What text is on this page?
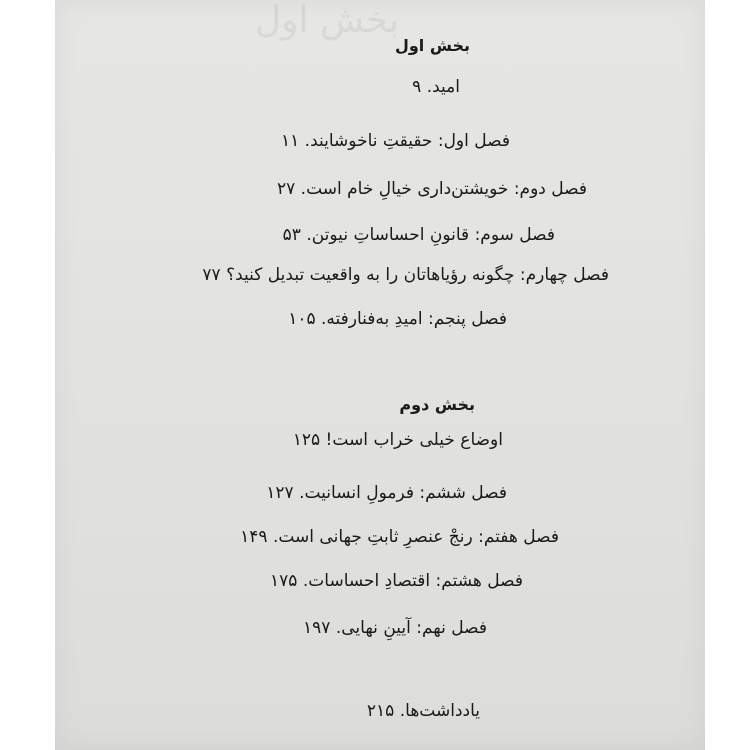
بخش اول
بخش اول
امید. ۹
فصل اول: حقیقتِ ناخوشایند. ۱۱
فصل دوم: خویشتن‌داری خیالِ خام است. ۲۷
فصل سوم: قانونِ احساساتِ نیوتن. ۵۳
فصل چهارم: چگونه رؤیاهاتان را به واقعیت تبدیل کنید؟ ۷۷
فصل پنجم: امیدِ به‌فنارفته. ۱۰۵
بخش دوم
اوضاع خیلی خراب است! ۱۲۵
فصل ششم: فرمولِ انسانیت. ۱۲۷
فصل هفتم: رنجْ عنصرِ ثابتِ جهانی است. ۱۴۹
فصل هشتم: اقتصادِ احساسات. ۱۷۵
فصل نهم: آیینِ نهایی. ۱۹۷
یادداشت‌ها. ۲۱۵
